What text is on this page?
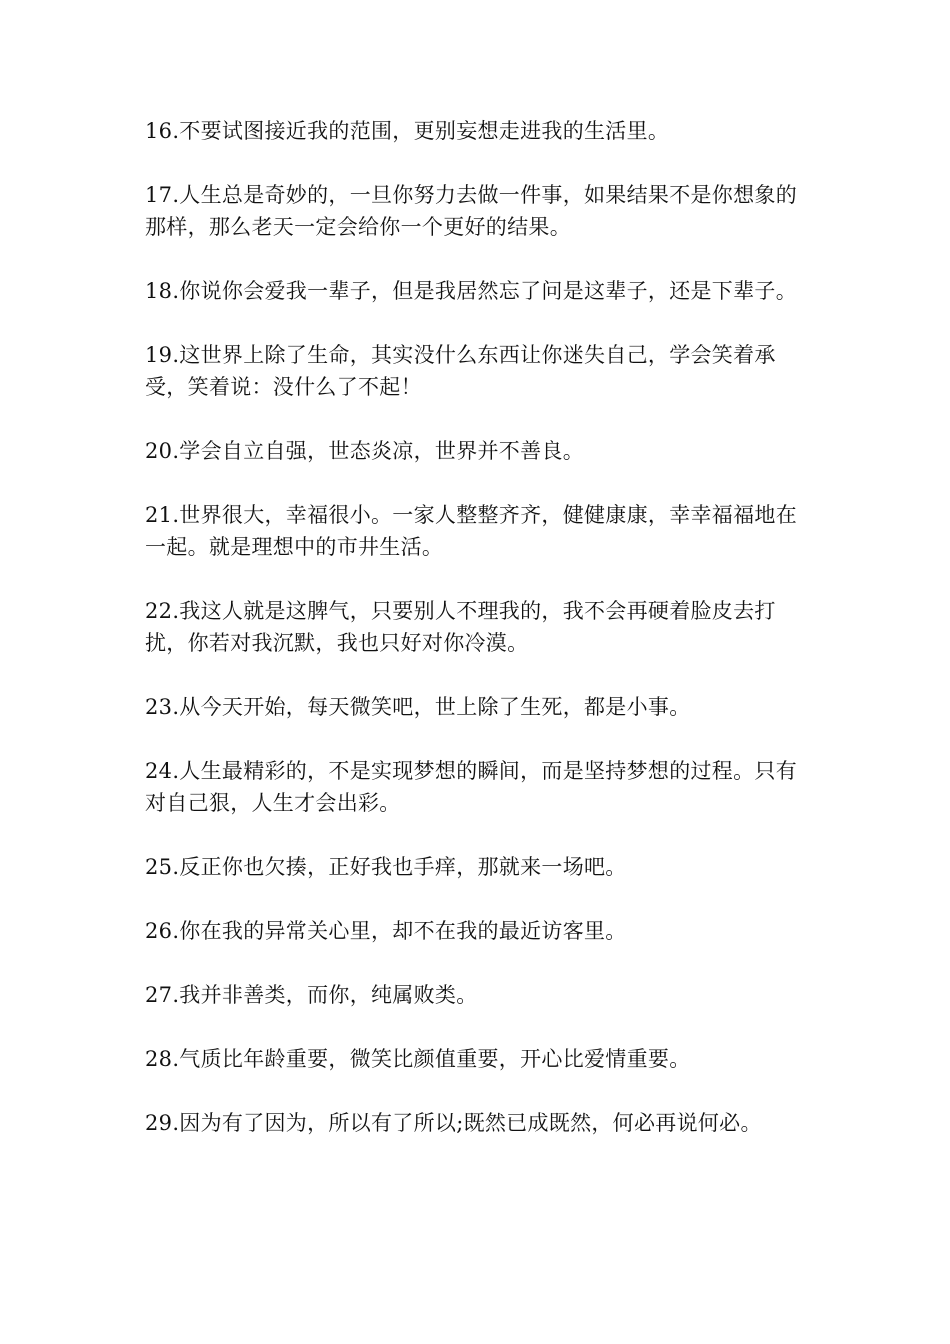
16.不要试图接近我的范围，更别妄想走进我的生活里。

17.人生总是奇妙的，一旦你努力去做一件事，如果结果不是你想象的那样，那么老天一定会给你一个更好的结果。

18.你说你会爱我一辈子，但是我居然忘了问是这辈子，还是下辈子。

19.这世界上除了生命，其实没什么东西让你迷失自己，学会笑着承受，笑着说：没什么了不起！

20.学会自立自强，世态炎凉，世界并不善良。

21.世界很大，幸福很小。一家人整整齐齐，健健康康，幸幸福福地在一起。就是理想中的市井生活。

22.我这人就是这脾气，只要别人不理我的，我不会再硬着脸皮去打扰，你若对我沉默，我也只好对你冷漠。

23.从今天开始，每天微笑吧，世上除了生死，都是小事。

24.人生最精彩的，不是实现梦想的瞬间，而是坚持梦想的过程。只有对自己狠，人生才会出彩。

25.反正你也欠揍，正好我也手痒，那就来一场吧。

26.你在我的异常关心里，却不在我的最近访客里。

27.我并非善类，而你，纯属败类。

28.气质比年龄重要，微笑比颜值重要，开心比爱情重要。

29.因为有了因为，所以有了所以;既然已成既然，何必再说何必。
